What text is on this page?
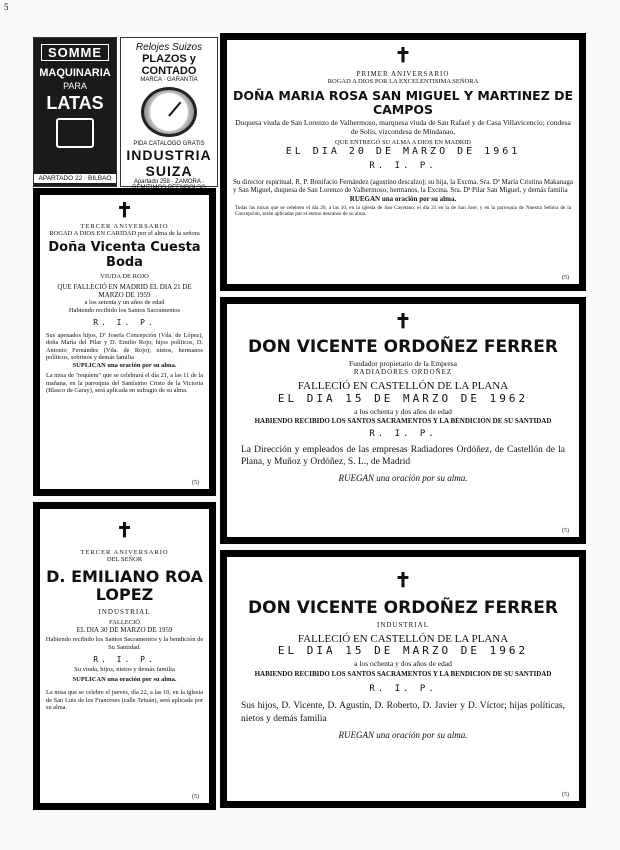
5
SOMME
MAQUINARIA
PARA
LATAS
APARTADO 22 · BILBAO
Relojes Suizos
PLAZOS y CONTADO
MARCA · GARANTÍA
PIDA CATALOGO GRATIS
INDUSTRIA SUIZA
Apartado 258 · ZAMORA ·
✝
PRIMER ANIVERSARIO
ROGAD A DIOS POR LA EXCELENTISIMA SEÑORA
DOÑA MARIA ROSA SAN MIGUEL Y MARTINEZ DE CAMPOS
Duquesa viuda de San Lorenzo de Valhermoso, marquesa viuda de San Rafael y de Casa Villavicencio; condesa de Solís, vizcondesa de Mindanao,
QUE ENTREGÓ SU ALMA A DIOS EN MADRID
EL DIA 20 DE MARZO DE 1961
R. I. P.

Su director espiritual, R. P. Bonifacio Fernández (agustino descalzo); su hija, la Excma. Sra. Dª María Cristina Makanaga y San Miguel, duquesa de San Lorenzo de Valhermoso; hermanos, la Excma. Sra. Dª Pilar San Miguel, y demás familia

RUEGAN una oración por su alma.

Todas las misas que se celebren el día 20, a las 10, en la iglesia de San Cayetano; el día 21 en la de San José, y en la parroquia de Nuestra Señora de la Concepción, serán aplicadas por el eterno descanso de su alma.

(5)
✝
TERCER ANIVERSARIO
ROGAD A DIOS EN CARIDAD por el alma de la señora
Doña Vicenta Cuesta Boda
VIUDA DE ROJO
QUE FALLECIÓ EN MADRID EL DIA 21 DE MARZO DE 1959
a los setenta y un años de edad
Habiendo recibido los Santos Sacramentos
R. I. P.

Sus apenados hijos, Dª Josefa Concepción (Vda. de López), doña María del Pilar y D. Emilio Rojo; hijos políticos, D. Antonio Fernández (Vda. de Rojo); nietos, hermanos políticos, sobrinos y demás familia

SUPLICAN una oración por su alma.

La misa de "requiem" que se celebrará el día 21, a las 11 de la mañana, en la parroquia del Santísimo Cristo de la Victoria (Blasco de Garay), será aplicada en sufragio de su alma.

(5)
✝
TERCER ANIVERSARIO
DEL SEÑOR
D. EMILIANO ROA
LOPEZ
INDUSTRIAL
FALLECIÓ
EL DIA 30 DE MARZO DE 1959
Habiendo recibido los Santos Sacramentos y la bendición de Su Santidad.
R. I. P.
Su viuda, hijos, nietos y demás familia
SUPLICAN una oración por su alma.

La misa que se celebre el jueves, día 22, a las 10, en la iglesia de San Luis de los Franceses (calle Tetuán), será aplicada por su alma.

(5)
✝
DON VICENTE ORDOÑEZ FERRER
Fundador propietario de la Empresa
RADIADORES ORDOÑEZ
FALLECIÓ EN CASTELLÓN DE LA PLANA
EL DIA 15 DE MARZO DE 1962
a los ochenta y dos años de edad
HABIENDO RECIBIDO LOS SANTOS SACRAMENTOS Y LA BENDICION DE SU SANTIDAD
R. I. P.

La Dirección y empleados de las empresas Radiadores Ordóñez, de Castellón de la Plana, y Muñoz y Ordóñez, S. L., de Madrid

RUEGAN una oración por su alma.
(5)
✝
DON VICENTE ORDOÑEZ FERRER
INDUSTRIAL
FALLECIÓ EN CASTELLÓN DE LA PLANA
EL DIA 15 DE MARZO DE 1962
a los ochenta y dos años de edad
HABIENDO RECIBIDO LOS SANTOS SACRAMENTOS Y LA BENDICION DE SU SANTIDAD
R. I. P.

Sus hijos, D. Vicente, D. Agustín, D. Roberto, D. Javier y D. Víctor; hijas políticas, nietos y demás familia

RUEGAN una oración por su alma.
(5)
